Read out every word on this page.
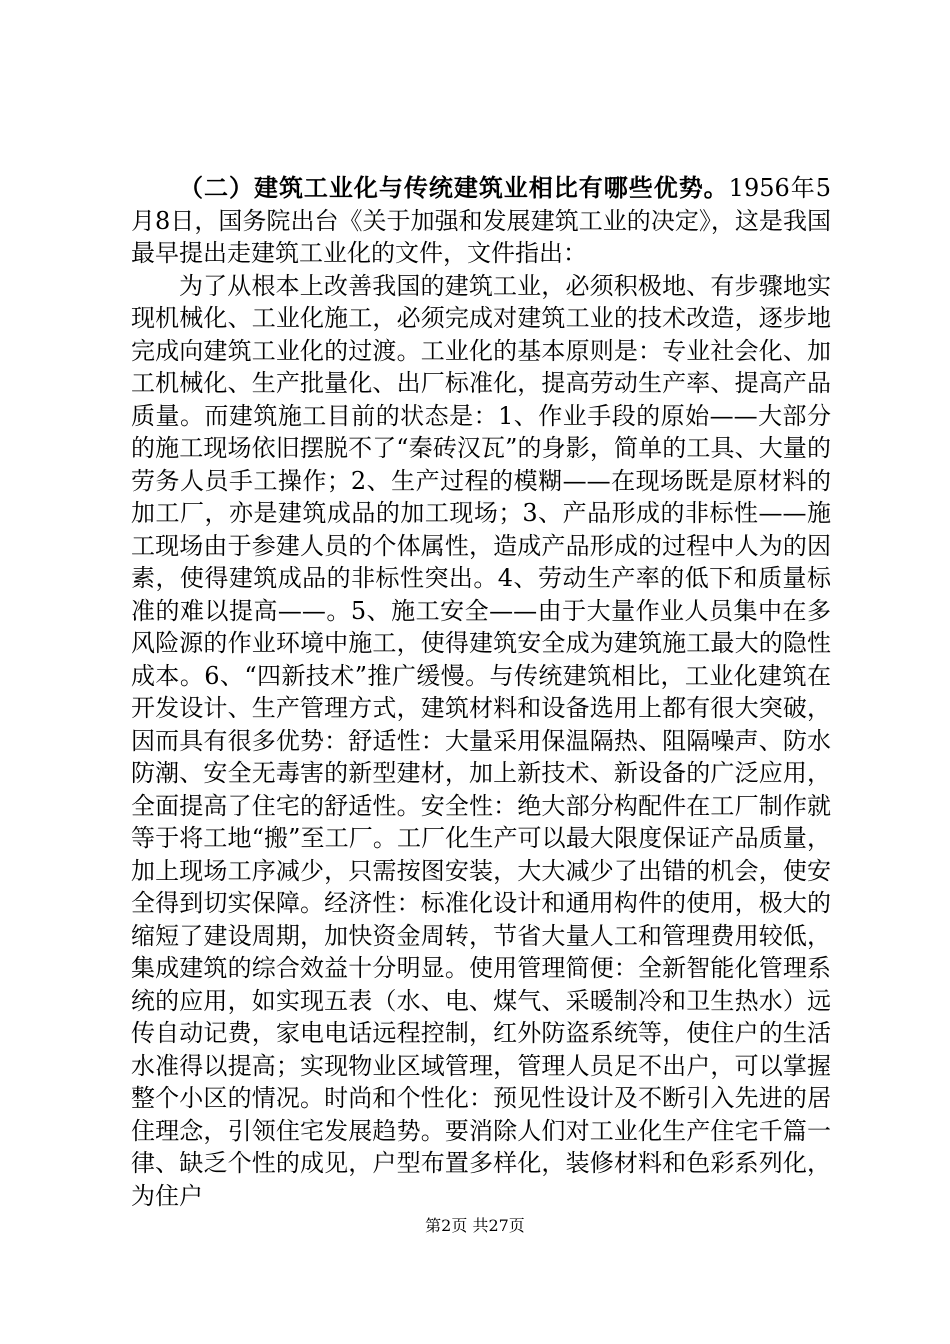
（二）建筑工业化与传统建筑业相比有哪些优势。1956年5月8日，国务院出台《关于加强和发展建筑工业的决定》，这是我国最早提出走建筑工业化的文件，文件指出：

为了从根本上改善我国的建筑工业，必须积极地、有步骤地实现机械化、工业化施工，必须完成对建筑工业的技术改造，逐步地完成向建筑工业化的过渡。工业化的基本原则是：专业社会化、加工机械化、生产批量化、出厂标准化，提高劳动生产率、提高产品质量。而建筑施工目前的状态是：1、作业手段的原始——大部分的施工现场依旧摆脱不了“秦砖汉瓦”的身影，简单的工具、大量的劳务人员手工操作；2、生产过程的模糊——在现场既是原材料的加工厂，亦是建筑成品的加工现场；3、产品形成的非标性——施工现场由于参建人员的个体属性，造成产品形成的过程中人为的因素，使得建筑成品的非标性突出。4、劳动生产率的低下和质量标准的难以提高——。5、施工安全——由于大量作业人员集中在多风险源的作业环境中施工，使得建筑安全成为建筑施工最大的隐性成本。6、“四新技术”推广缓慢。与传统建筑相比，工业化建筑在开发设计、生产管理方式，建筑材料和设备选用上都有很大突破，因而具有很多优势：舒适性：大量采用保温隔热、阻隔噪声、防水防潮、安全无毒害的新型建材，加上新技术、新设备的广泛应用，全面提高了住宅的舒适性。安全性：绝大部分构配件在工厂制作就等于将工地“搬”至工厂。工厂化生产可以最大限度保证产品质量，加上现场工序减少，只需按图安装，大大减少了出错的机会，使安全得到切实保障。经济性：标准化设计和通用构件的使用，极大的缩短了建设周期，加快资金周转，节省大量人工和管理费用较低，集成建筑的综合效益十分明显。使用管理简便：全新智能化管理系统的应用，如实现五表（水、电、煤气、采暖制冷和卫生热水）远传自动记费，家电电话远程控制，红外防盗系统等，使住户的生活水准得以提高；实现物业区域管理，管理人员足不出户，可以掌握整个小区的情况。时尚和个性化：预见性设计及不断引入先进的居住理念，引领住宅发展趋势。要消除人们对工业化生产住宅千篇一律、缺乏个性的成见，户型布置多样化，装修材料和色彩系列化，为住户

第2页 共27页
